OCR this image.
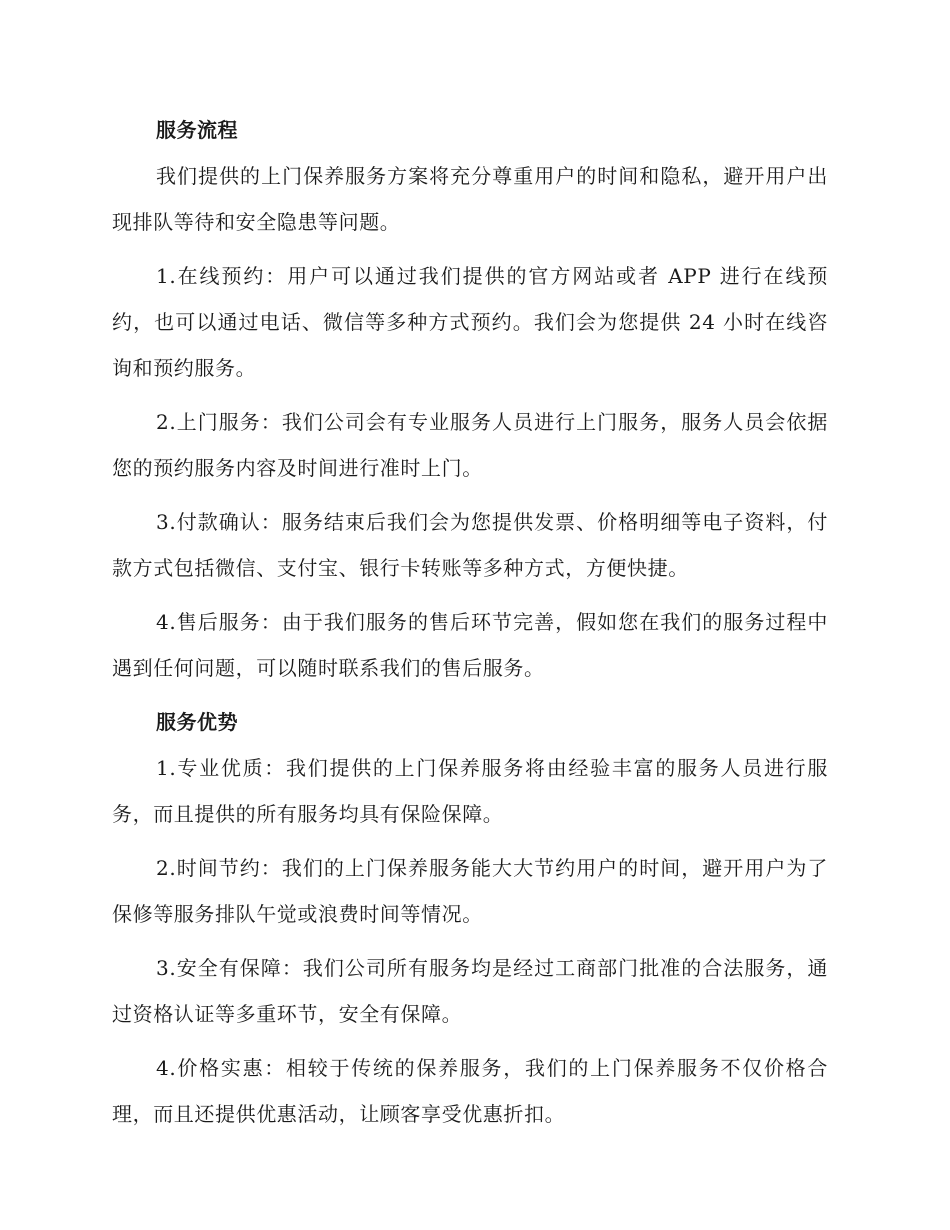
服务流程

我们提供的上门保养服务方案将充分尊重用户的时间和隐私，避开用户出现排队等待和安全隐患等问题。

1.在线预约：用户可以通过我们提供的官方网站或者 APP 进行在线预约，也可以通过电话、微信等多种方式预约。我们会为您提供 24 小时在线咨询和预约服务。

2.上门服务：我们公司会有专业服务人员进行上门服务，服务人员会依据您的预约服务内容及时间进行准时上门。

3.付款确认：服务结束后我们会为您提供发票、价格明细等电子资料，付款方式包括微信、支付宝、银行卡转账等多种方式，方便快捷。

4.售后服务：由于我们服务的售后环节完善，假如您在我们的服务过程中遇到任何问题，可以随时联系我们的售后服务。

服务优势

1.专业优质：我们提供的上门保养服务将由经验丰富的服务人员进行服务，而且提供的所有服务均具有保险保障。

2.时间节约：我们的上门保养服务能大大节约用户的时间，避开用户为了保修等服务排队午觉或浪费时间等情况。

3.安全有保障：我们公司所有服务均是经过工商部门批准的合法服务，通过资格认证等多重环节，安全有保障。

4.价格实惠：相较于传统的保养服务，我们的上门保养服务不仅价格合理，而且还提供优惠活动，让顾客享受优惠折扣。
